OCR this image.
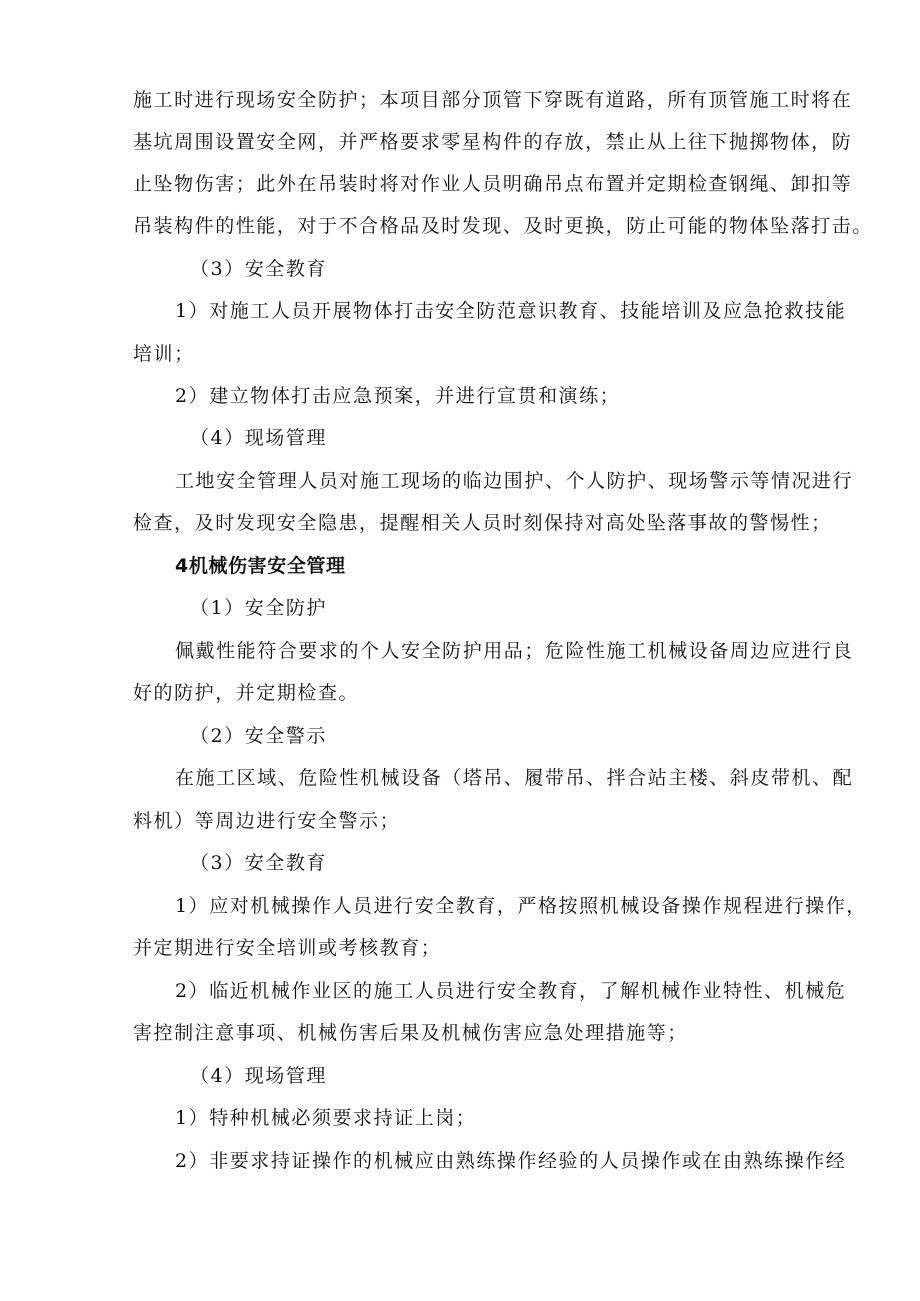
施工时进行现场安全防护；本项目部分顶管下穿既有道路，所有顶管施工时将在
基坑周围设置安全网，并严格要求零星构件的存放，禁止从上往下抛掷物体，防
止坠物伤害；此外在吊装时将对作业人员明确吊点布置并定期检查钢绳、卸扣等
吊装构件的性能，对于不合格品及时发现、及时更换，防止可能的物体坠落打击。
（3）安全教育
1）对施工人员开展物体打击安全防范意识教育、技能培训及应急抢救技能
培训；
2）建立物体打击应急预案，并进行宣贯和演练；
（4）现场管理
工地安全管理人员对施工现场的临边围护、个人防护、现场警示等情况进行
检查，及时发现安全隐患，提醒相关人员时刻保持对高处坠落事故的警惕性；
4机械伤害安全管理
（1）安全防护
佩戴性能符合要求的个人安全防护用品；危险性施工机械设备周边应进行良
好的防护，并定期检查。
（2）安全警示
在施工区域、危险性机械设备（塔吊、履带吊、拌合站主楼、斜皮带机、配
料机）等周边进行安全警示；
（3）安全教育
1）应对机械操作人员进行安全教育，严格按照机械设备操作规程进行操作，
并定期进行安全培训或考核教育；
2）临近机械作业区的施工人员进行安全教育，了解机械作业特性、机械危
害控制注意事项、机械伤害后果及机械伤害应急处理措施等；
（4）现场管理
1）特种机械必须要求持证上岗；
2）非要求持证操作的机械应由熟练操作经验的人员操作或在由熟练操作经
